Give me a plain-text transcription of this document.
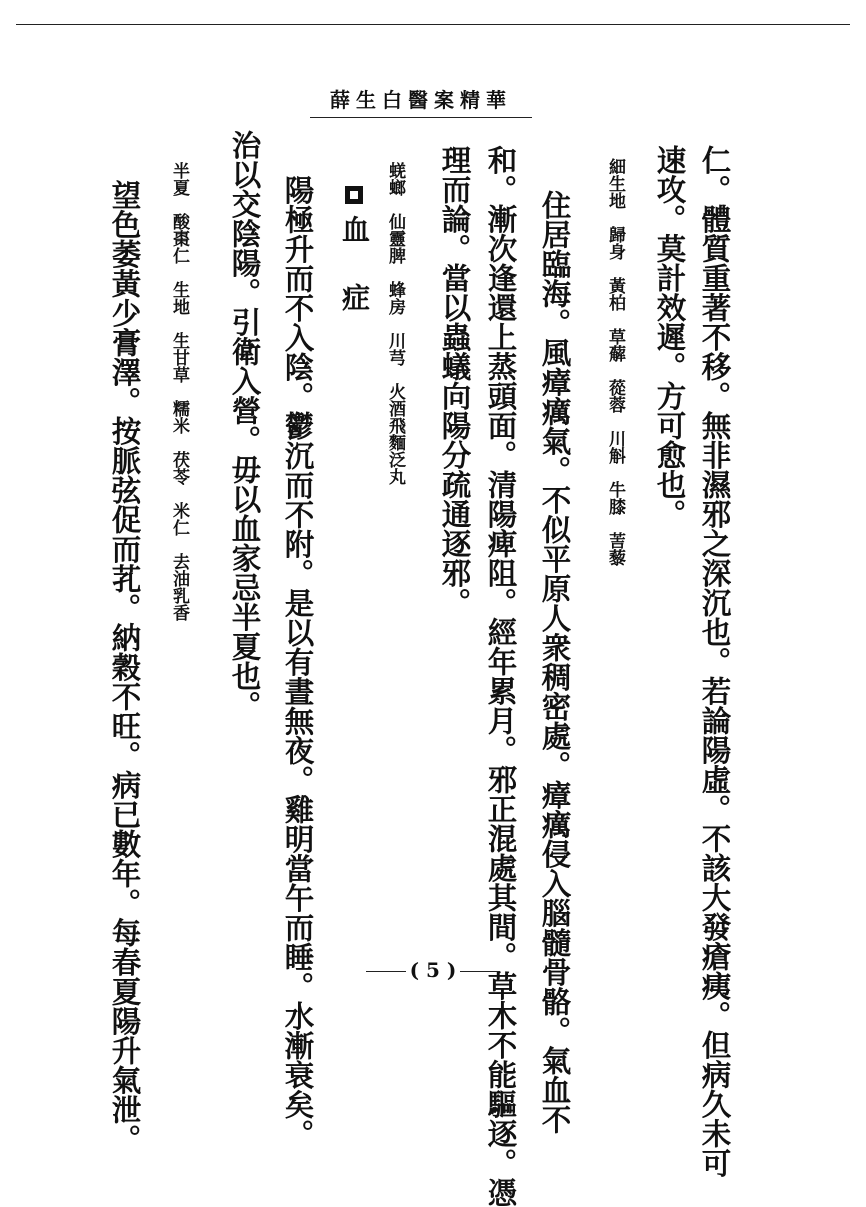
薛生白醫案精華
仁。體質重著不移。無非濕邪之深沉也。若論陽虛。不該大發瘡痍。但病久未可
速攻。莫計效遲。方可愈也。
細生地　歸身　黃柏　草薢　蓯蓉　川斛　牛膝　䓀藜
住居臨海。風瘴癘氣。不似平原人衆稠密處。瘴癘侵入腦髓骨骼。氣血不
和。漸次逢還上蒸頭面。清陽痺阻。經年累月。邪正混處其間。草木不能驅逐。憑
理而論。當以蟲蟻向陽分疏通逐邪。
蜣螂　仙靈脾　蜂房　川芎　火酒飛麵泛丸
血　症
陽極升而不入陰。鬱沉而不附。是以有晝無夜。雞明當午而睡。水漸衰矣。
治以交陰陽。引衛入營。毋以血家忌半夏也。
半夏　酸棗仁　生地　生甘草　糯米　茯苓　米仁　去油乳香
望色萎黃少膏澤。按脈弦促而芤。納穀不旺。病已數年。每春夏陽升氣泄。	( 5 )
